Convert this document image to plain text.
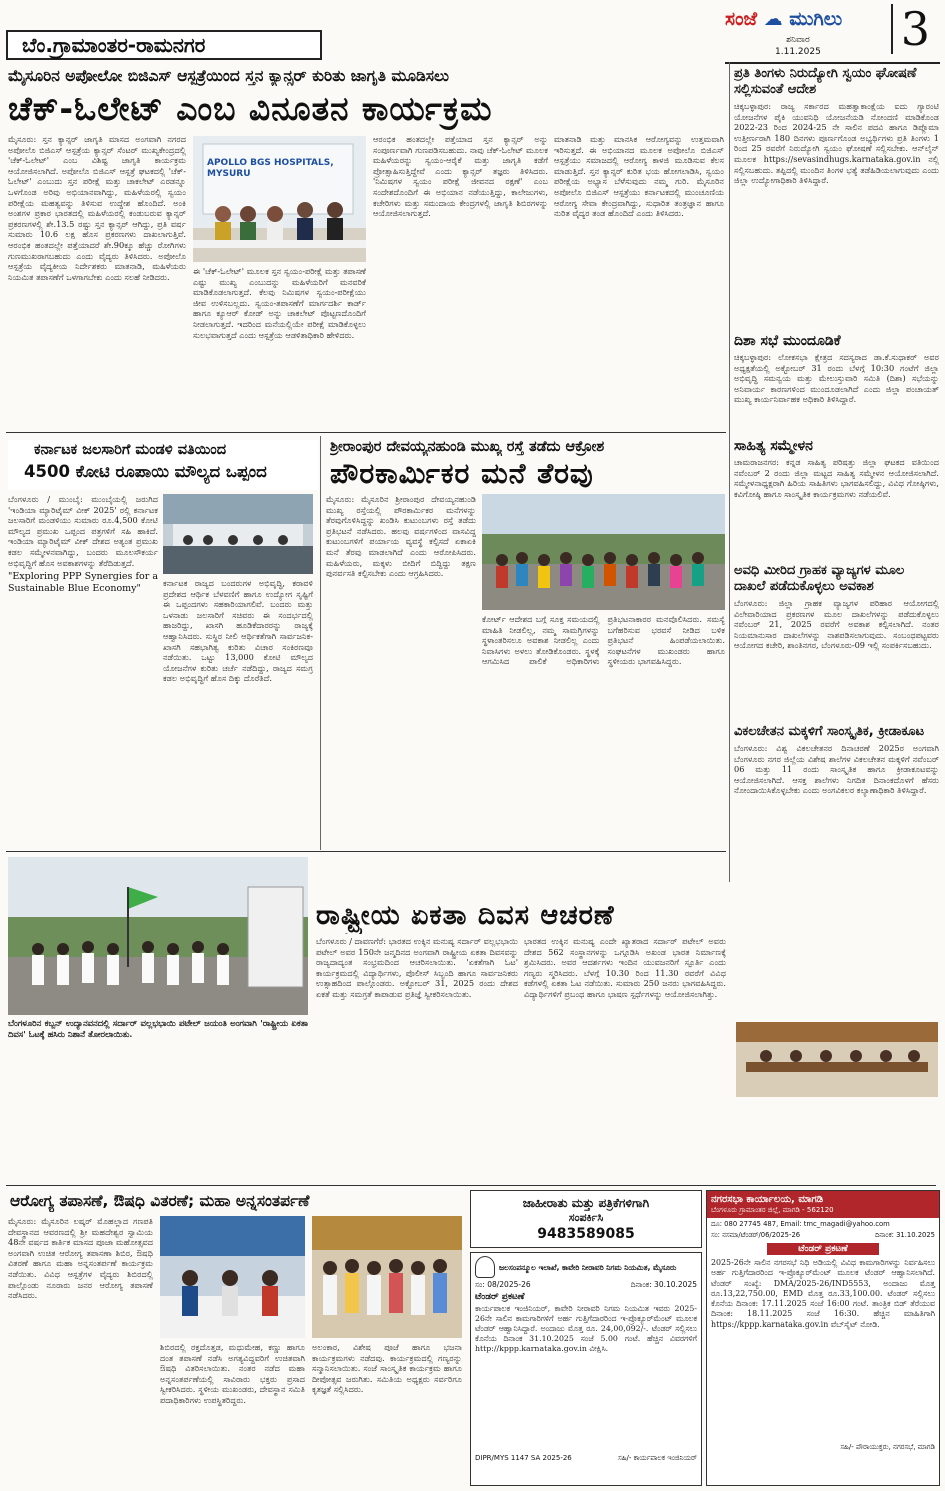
ಬೆಂ.ಗ್ರಾಮಾಂತರ-ರಾಮನಗರ
ಸಂಜೆ ☁ ಮುಗಿಲು
ಶನಿವಾರ
1.11.2025 3
ಮೈಸೂರಿನ ಅಪೋಲೋ ಬಿಜಿಎಸ್ ಆಸ್ಪತ್ರೆಯಿಂದ ಸ್ತನ ಕ್ಯಾನ್ಸರ್ ಕುರಿತು ಜಾಗೃತಿ ಮೂಡಿಸಲು
ಚೆಕ್-ಓಲೇಟ್ ಎಂಬ ವಿನೂತನ ಕಾರ್ಯಕ್ರಮ

ಮೈಸೂರು: ಸ್ತನ ಕ್ಯಾನ್ಸರ್ ಜಾಗೃತಿ ಮಾಸದ ಅಂಗವಾಗಿ ನಗರದ ಅಪೋಲೊ ಬಿಜಿಎಸ್ ಆಸ್ಪತ್ರೆಯ ಕ್ಯಾನ್ಸರ್ ಸೆಂಟರ್ ಮುಖ್ಯಕೇಂದ್ರದಲ್ಲಿ 'ಚೆಕ್-ಓಲೇಟ್' ಎಂಬ ವಿಶಿಷ್ಟ ಜಾಗೃತಿ ಕಾರ್ಯಕ್ರಮ ಆಯೋಜಿಸಲಾಗಿದೆ. ಅಪೋಲೊ ಬಿಜಿಎಸ್ ಆಸ್ಪತ್ರೆ ಘಟಕದಲ್ಲಿ 'ಚೆಕ್-ಓಲೇಟ್' ಎಂಬುದು ಸ್ತನ ಪರೀಕ್ಷೆ ಮತ್ತು ಚಾಕಲೇಟ್ ಎರಡನ್ನೂ ಒಳಗೊಂಡ ಅರಿವು ಅಭಿಯಾನವಾಗಿದ್ದು, ಮಹಿಳೆಯರಲ್ಲಿ ಸ್ವಯಂ ಪರೀಕ್ಷೆಯ ಮಹತ್ವವನ್ನು ತಿಳಿಸುವ ಉದ್ದೇಶ ಹೊಂದಿದೆ. ಅಂಕಿ ಅಂಶಗಳ ಪ್ರಕಾರ ಭಾರತದಲ್ಲಿ ಮಹಿಳೆಯರಲ್ಲಿ ಕಂಡುಬರುವ ಕ್ಯಾನ್ಸರ್ ಪ್ರಕರಣಗಳಲ್ಲಿ ಶೇ.13.5 ರಷ್ಟು ಸ್ತನ ಕ್ಯಾನ್ಸರ್ ಆಗಿದ್ದು, ಪ್ರತಿ ವರ್ಷ ಸುಮಾರು 10.6 ಲಕ್ಷ ಹೊಸ ಪ್ರಕರಣಗಳು ದಾಖಲಾಗುತ್ತಿವೆ. ಆರಂಭಿಕ ಹಂತದಲ್ಲೇ ಪತ್ತೆಯಾದರೆ ಶೇ.90ಕ್ಕೂ ಹೆಚ್ಚು ರೋಗಿಗಳು ಗುಣಮುಖರಾಗಬಹುದು ಎಂದು ವೈದ್ಯರು ತಿಳಿಸಿದರು. ಅಪೋಲೊ ಆಸ್ಪತ್ರೆಯ ವೈದ್ಯಕೀಯ ನಿರ್ದೇಶಕರು ಮಾತನಾಡಿ, ಮಹಿಳೆಯರು ನಿಯಮಿತ ತಪಾಸಣೆಗೆ ಒಳಗಾಗಬೇಕು ಎಂದು ಸಲಹೆ ನೀಡಿದರು.

APOLLO BGS HOSPITALS, MYSURU

ಈ 'ಚೆಕ್-ಓಲೇಟ್' ಮೂಲಕ ಸ್ತನ ಸ್ವಯಂ-ಪರೀಕ್ಷೆ ಮತ್ತು ತಪಾಸಣೆ ಎಷ್ಟು ಮುಖ್ಯ ಎಂಬುದನ್ನು ಮಹಿಳೆಯರಿಗೆ ಮನವರಿಕೆ ಮಾಡಿಕೊಡಲಾಗುತ್ತದೆ. ಕೆಲವು ನಿಮಿಷಗಳ ಸ್ವಯಂ-ಪರೀಕ್ಷೆಯು ಜೀವ ಉಳಿಸಬಲ್ಲದು. ಸ್ವಯಂ-ತಪಾಸಣೆಗೆ ಮಾರ್ಗದರ್ಶಿ ಕಾರ್ಡ್ ಹಾಗೂ ಕ್ಯೂಆರ್ ಕೋಡ್ ಅನ್ನು ಚಾಕಲೇಟ್ ಪೊಟ್ಟಣದೊಂದಿಗೆ ನೀಡಲಾಗುತ್ತದೆ. ಇದರಿಂದ ಮನೆಯಲ್ಲಿಯೇ ಪರೀಕ್ಷೆ ಮಾಡಿಕೊಳ್ಳಲು ಸುಲಭವಾಗುತ್ತದೆ ಎಂದು ಆಸ್ಪತ್ರೆಯ ಆಡಳಿತಾಧಿಕಾರಿ ಹೇಳಿದರು.

ಆರಂಭಿಕ ಹಂತದಲ್ಲೇ ಪತ್ತೆಯಾದ ಸ್ತನ ಕ್ಯಾನ್ಸರ್ ಅನ್ನು ಸಂಪೂರ್ಣವಾಗಿ ಗುಣಪಡಿಸಬಹುದು. ನಾವು ಚೆಕ್-ಓಲೇಟ್ ಮೂಲಕ ಮಹಿಳೆಯರನ್ನು ಸ್ವಯಂ-ಆರೈಕೆ ಮತ್ತು ಜಾಗೃತಿ ಕಡೆಗೆ ಪ್ರೋತ್ಸಾಹಿಸುತ್ತಿದ್ದೇವೆ ಎಂದು ಕ್ಯಾನ್ಸರ್ ತಜ್ಞರು ತಿಳಿಸಿದರು. 'ನಿಮಿಷಗಳ ಸ್ವಯಂ ಪರೀಕ್ಷೆ ಜೀವನದ ರಕ್ಷಣೆ' ಎಂಬ ಸಂದೇಶದೊಂದಿಗೆ ಈ ಅಭಿಯಾನ ನಡೆಯುತ್ತಿದ್ದು, ಕಾಲೇಜುಗಳು, ಕಚೇರಿಗಳು ಮತ್ತು ಸಮುದಾಯ ಕೇಂದ್ರಗಳಲ್ಲಿ ಜಾಗೃತಿ ಶಿಬಿರಗಳನ್ನು ಆಯೋಜಿಸಲಾಗುತ್ತದೆ.

ಮಾತನಾಡಿ ಮತ್ತು ಮಾನಸಿಕ ಆರೋಗ್ಯವನ್ನು ಉತ್ತಮವಾಗಿ ಇರಿಸುತ್ತದೆ. ಈ ಅಭಿಯಾನದ ಮೂಲಕ ಅಪೋಲೊ ಬಿಜಿಎಸ್ ಆಸ್ಪತ್ರೆಯು ಸಮಾಜದಲ್ಲಿ ಆರೋಗ್ಯ ಕಾಳಜಿ ಮೂಡಿಸುವ ಕೆಲಸ ಮಾಡುತ್ತಿದೆ. ಸ್ತನ ಕ್ಯಾನ್ಸರ್ ಕುರಿತ ಭಯ ಹೋಗಲಾಡಿಸಿ, ಸ್ವಯಂ ಪರೀಕ್ಷೆಯ ಅಭ್ಯಾಸ ಬೆಳೆಸುವುದು ನಮ್ಮ ಗುರಿ. ಮೈಸೂರಿನ ಅಪೋಲೊ ಬಿಜಿಎಸ್ ಆಸ್ಪತ್ರೆಯು ಕರ್ನಾಟಕದಲ್ಲಿ ಮುಂಚೂಣಿಯ ಆರೋಗ್ಯ ಸೇವಾ ಕೇಂದ್ರವಾಗಿದ್ದು, ಸುಧಾರಿತ ತಂತ್ರಜ್ಞಾನ ಹಾಗೂ ನುರಿತ ವೈದ್ಯರ ತಂಡ ಹೊಂದಿದೆ ಎಂದು ತಿಳಿಸಿದರು.

ಪ್ರತಿ ತಿಂಗಳು ನಿರುದ್ಯೋಗಿ ಸ್ವಯಂ ಘೋಷಣೆ ಸಲ್ಲಿಸುವಂತೆ ಆದೇಶ
ಚಿಕ್ಕಬಳ್ಳಾಪುರ: ರಾಜ್ಯ ಸರ್ಕಾರದ ಮಹತ್ವಾಕಾಂಕ್ಷೆಯ ಐದು ಗ್ಯಾರಂಟಿ ಯೋಜನೆಗಳ ಪೈಕಿ ಯುವನಿಧಿ ಯೋಜನೆಯಡಿ ನೋಂದಣಿ ಮಾಡಿಕೊಂಡ 2022-23 ರಿಂದ 2024-25 ನೇ ಸಾಲಿನ ಪದವಿ ಹಾಗೂ ಡಿಪ್ಲೊಮಾ ಉತ್ತೀರ್ಣರಾಗಿ 180 ದಿನಗಳು ಪೂರ್ಣಗೊಂಡ ಅಭ್ಯರ್ಥಿಗಳು ಪ್ರತಿ ತಿಂಗಳು 1 ರಿಂದ 25 ರವರೆಗೆ ನಿರುದ್ಯೋಗಿ ಸ್ವಯಂ ಘೋಷಣೆ ಸಲ್ಲಿಸಬೇಕು. ಆನ್‌ಲೈನ್ ಮೂಲಕ https://sevasindhugs.karnataka.gov.in ನಲ್ಲಿ ಸಲ್ಲಿಸಬಹುದು. ತಪ್ಪಿದಲ್ಲಿ ಮುಂದಿನ ತಿಂಗಳ ಭತ್ಯೆ ತಡೆಹಿಡಿಯಲಾಗುವುದು ಎಂದು ಜಿಲ್ಲಾ ಉದ್ಯೋಗಾಧಿಕಾರಿ ತಿಳಿಸಿದ್ದಾರೆ.
ದಿಶಾ ಸಭೆ ಮುಂದೂಡಿಕೆ
ಚಿಕ್ಕಬಳ್ಳಾಪುರ: ಲೋಕಸಭಾ ಕ್ಷೇತ್ರದ ಸದಸ್ಯರಾದ ಡಾ.ಕೆ.ಸುಧಾಕರ್ ಅವರ ಅಧ್ಯಕ್ಷತೆಯಲ್ಲಿ ಅಕ್ಟೋಬರ್ 31 ರಂದು ಬೆಳಗ್ಗೆ 10:30 ಗಂಟೆಗೆ ಜಿಲ್ಲಾ ಅಭಿವೃದ್ಧಿ ಸಮನ್ವಯ ಮತ್ತು ಮೇಲುಸ್ತುವಾರಿ ಸಮಿತಿ (ದಿಶಾ) ಸಭೆಯನ್ನು ಅನಿವಾರ್ಯ ಕಾರಣಗಳಿಂದ ಮುಂದೂಡಲಾಗಿದೆ ಎಂದು ಜಿಲ್ಲಾ ಪಂಚಾಯತ್ ಮುಖ್ಯ ಕಾರ್ಯನಿರ್ವಾಹಕ ಅಧಿಕಾರಿ ತಿಳಿಸಿದ್ದಾರೆ.
ಸಾಹಿತ್ಯ ಸಮ್ಮೇಳನ
ಚಾಮರಾಜನಗರ: ಕನ್ನಡ ಸಾಹಿತ್ಯ ಪರಿಷತ್ತು ಜಿಲ್ಲಾ ಘಟಕದ ವತಿಯಿಂದ ನವೆಂಬರ್ 2 ರಂದು ಜಿಲ್ಲಾ ಮಟ್ಟದ ಸಾಹಿತ್ಯ ಸಮ್ಮೇಳನ ಆಯೋಜಿಸಲಾಗಿದೆ. ಸಮ್ಮೇಳನಾಧ್ಯಕ್ಷರಾಗಿ ಹಿರಿಯ ಸಾಹಿತಿಗಳು ಭಾಗವಹಿಸಲಿದ್ದು, ವಿವಿಧ ಗೋಷ್ಠಿಗಳು, ಕವಿಗೋಷ್ಠಿ ಹಾಗೂ ಸಾಂಸ್ಕೃತಿಕ ಕಾರ್ಯಕ್ರಮಗಳು ನಡೆಯಲಿವೆ.
ಅವಧಿ ಮೀರಿದ ಗ್ರಾಹಕ ವ್ಯಾಜ್ಯಗಳ ಮೂಲ ದಾಖಲೆ ಪಡೆದುಕೊಳ್ಳಲು ಅವಕಾಶ
ಬೆಂಗಳೂರು: ಜಿಲ್ಲಾ ಗ್ರಾಹಕ ವ್ಯಾಜ್ಯಗಳ ಪರಿಹಾರ ಆಯೋಗದಲ್ಲಿ ವಿಲೇವಾರಿಯಾದ ಪ್ರಕರಣಗಳ ಮೂಲ ದಾಖಲೆಗಳನ್ನು ಪಡೆದುಕೊಳ್ಳಲು ನವೆಂಬರ್ 21, 2025 ರವರೆಗೆ ಅವಕಾಶ ಕಲ್ಪಿಸಲಾಗಿದೆ. ನಂತರ ನಿಯಮಾನುಸಾರ ದಾಖಲೆಗಳನ್ನು ನಾಶಪಡಿಸಲಾಗುವುದು. ಸಂಬಂಧಪಟ್ಟವರು ಆಯೋಗದ ಕಚೇರಿ, ಶಾಂತಿನಗರ, ಬೆಂಗಳೂರು-09 ಇಲ್ಲಿ ಸಂಪರ್ಕಿಸಬಹುದು.
ವಿಕಲಚೇತನ ಮಕ್ಕಳಿಗೆ ಸಾಂಸ್ಕೃತಿಕ, ಕ್ರೀಡಾಕೂಟ
ಬೆಂಗಳೂರು: ವಿಶ್ವ ವಿಕಲಚೇತನರ ದಿನಾಚರಣೆ 2025ರ ಅಂಗವಾಗಿ ಬೆಂಗಳೂರು ನಗರ ಜಿಲ್ಲೆಯ ವಿಶೇಷ ಶಾಲೆಗಳ ವಿಕಲಚೇತನ ಮಕ್ಕಳಿಗೆ ನವೆಂಬರ್ 06 ಮತ್ತು 11 ರಂದು ಸಾಂಸ್ಕೃತಿಕ ಹಾಗೂ ಕ್ರೀಡಾಕೂಟವನ್ನು ಆಯೋಜಿಸಲಾಗಿದೆ. ಆಸಕ್ತ ಶಾಲೆಗಳು ನಿಗದಿತ ದಿನಾಂಕದೊಳಗೆ ಹೆಸರು ನೋಂದಾಯಿಸಿಕೊಳ್ಳಬೇಕು ಎಂದು ಅಂಗವಿಕಲರ ಕಲ್ಯಾಣಾಧಿಕಾರಿ ತಿಳಿಸಿದ್ದಾರೆ.
ಕರ್ನಾಟಕ ಜಲಸಾರಿಗೆ ಮಂಡಳಿ ವತಿಯಿಂದ
4500 ಕೋಟಿ ರೂಪಾಯಿ ಮೌಲ್ಯದ ಒಪ್ಪಂದ

ಬೆಂಗಳೂರು / ಮುಂಬೈ: ಮುಂಬೈಯಲ್ಲಿ ಜರುಗಿದ 'ಇಂಡಿಯಾ ಮ್ಯಾರಿಟೈಮ್ ವೀಕ್ 2025' ರಲ್ಲಿ ಕರ್ನಾಟಕ ಜಲಸಾರಿಗೆ ಮಂಡಳಿಯು ಸುಮಾರು ರೂ.4,500 ಕೋಟಿ ಮೌಲ್ಯದ ಪ್ರಮುಖ ಒಪ್ಪಂದ ಪತ್ರಗಳಿಗೆ ಸಹಿ ಹಾಕಿದೆ. ಇಂಡಿಯಾ ಮ್ಯಾರಿಟೈಮ್ ವೀಕ್ ದೇಶದ ಅತ್ಯಂತ ಪ್ರಮುಖ ಕಡಲ ಸಮ್ಮೇಳನವಾಗಿದ್ದು, ಬಂದರು ಮೂಲಸೌಕರ್ಯ ಅಭಿವೃದ್ಧಿಗೆ ಹೊಸ ಅವಕಾಶಗಳನ್ನು ತೆರೆದಿಡುತ್ತದೆ.

"Exploring PPP Synergies for a Sustainable Blue Economy"

ಕರ್ನಾಟಕ ರಾಜ್ಯದ ಬಂದರುಗಳ ಅಭಿವೃದ್ಧಿ, ಕರಾವಳಿ ಪ್ರದೇಶದ ಆರ್ಥಿಕ ಬೆಳವಣಿಗೆ ಹಾಗೂ ಉದ್ಯೋಗ ಸೃಷ್ಟಿಗೆ ಈ ಒಪ್ಪಂದಗಳು ಸಹಕಾರಿಯಾಗಲಿವೆ. ಬಂದರು ಮತ್ತು ಒಳನಾಡು ಜಲಸಾರಿಗೆ ಸಚಿವರು ಈ ಸಂದರ್ಭದಲ್ಲಿ ಹಾಜರಿದ್ದು, ಖಾಸಗಿ ಹೂಡಿಕೆದಾರರನ್ನು ರಾಜ್ಯಕ್ಕೆ ಆಹ್ವಾನಿಸಿದರು. ಸುಸ್ಥಿರ ನೀಲಿ ಆರ್ಥಿಕತೆಗಾಗಿ ಸಾರ್ವಜನಿಕ-ಖಾಸಗಿ ಸಹಭಾಗಿತ್ವ ಕುರಿತು ವಿಚಾರ ಸಂಕಿರಣವೂ ನಡೆಯಿತು. ಒಟ್ಟು 13,000 ಕೋಟಿ ಮೌಲ್ಯದ ಯೋಜನೆಗಳ ಕುರಿತು ಚರ್ಚೆ ನಡೆದಿದ್ದು, ರಾಜ್ಯದ ಸಮಗ್ರ ಕಡಲ ಅಭಿವೃದ್ಧಿಗೆ ಹೊಸ ದಿಕ್ಕು ದೊರೆತಿದೆ.

ಶ್ರೀರಾಂಪುರ ದೇವಯ್ಯನಹುಂಡಿ ಮುಖ್ಯ ರಸ್ತೆ ತಡೆದು ಆಕ್ರೋಶ
ಪೌರಕಾರ್ಮಿಕರ ಮನೆ ತೆರವು

ಮೈಸೂರು: ಮೈಸೂರಿನ ಶ್ರೀರಾಂಪುರ ದೇವಯ್ಯನಹುಂಡಿ ಮುಖ್ಯ ರಸ್ತೆಯಲ್ಲಿ ಪೌರಕಾರ್ಮಿಕರ ಮನೆಗಳನ್ನು ತೆರವುಗೊಳಿಸಿದ್ದನ್ನು ಖಂಡಿಸಿ ಕುಟುಂಬಗಳು ರಸ್ತೆ ತಡೆದು ಪ್ರತಿಭಟನೆ ನಡೆಸಿದರು. ಹಲವು ವರ್ಷಗಳಿಂದ ವಾಸವಿದ್ದ ಕುಟುಂಬಗಳಿಗೆ ಪರ್ಯಾಯ ವ್ಯವಸ್ಥೆ ಕಲ್ಪಿಸದೆ ಏಕಾಏಕಿ ಮನೆ ತೆರವು ಮಾಡಲಾಗಿದೆ ಎಂದು ಆರೋಪಿಸಿದರು. ಮಹಿಳೆಯರು, ಮಕ್ಕಳು ಬೀದಿಗೆ ಬಿದ್ದಿದ್ದು ತಕ್ಷಣ ಪುನರ್ವಸತಿ ಕಲ್ಪಿಸಬೇಕು ಎಂದು ಆಗ್ರಹಿಸಿದರು.

ಕೋರ್ಟ್ ಆದೇಶದ ಬಗ್ಗೆ ಸೂಕ್ತ ಸಮಯದಲ್ಲಿ ಮಾಹಿತಿ ನೀಡಲಿಲ್ಲ, ನಮ್ಮ ಸಾಮಗ್ರಿಗಳನ್ನು ಸ್ಥಳಾಂತರಿಸಲೂ ಅವಕಾಶ ನೀಡಲಿಲ್ಲ ಎಂದು ನಿವಾಸಿಗಳು ಅಳಲು ತೋಡಿಕೊಂಡರು. ಸ್ಥಳಕ್ಕೆ ಆಗಮಿಸಿದ ಪಾಲಿಕೆ ಅಧಿಕಾರಿಗಳು ಪ್ರತಿಭಟನಾಕಾರರ ಮನವೊಲಿಸಿದರು. ಸಮಸ್ಯೆ ಬಗೆಹರಿಸುವ ಭರವಸೆ ನೀಡಿದ ಬಳಿಕ ಪ್ರತಿಭಟನೆ ಹಿಂಪಡೆಯಲಾಯಿತು. ಸಂಘಟನೆಗಳ ಮುಖಂಡರು ಹಾಗೂ ಸ್ಥಳೀಯರು ಭಾಗವಹಿಸಿದ್ದರು.

ರಾಷ್ಟ್ರೀಯ ಏಕತಾ ದಿವಸ ಆಚರಣೆ

ಬೆಂಗಳೂರು / ದಾವಣಗೆರೆ: ಭಾರತದ ಉಕ್ಕಿನ ಮನುಷ್ಯ ಸರ್ದಾರ್ ವಲ್ಲಭಭಾಯಿ ಪಟೇಲ್ ಅವರ 150ನೇ ಜನ್ಮದಿನದ ಅಂಗವಾಗಿ ರಾಷ್ಟ್ರೀಯ ಏಕತಾ ದಿವಸವನ್ನು ರಾಜ್ಯದಾದ್ಯಂತ ಸಂಭ್ರಮದಿಂದ ಆಚರಿಸಲಾಯಿತು. 'ಏಕತೆಗಾಗಿ ಓಟ' ಕಾರ್ಯಕ್ರಮದಲ್ಲಿ ವಿದ್ಯಾರ್ಥಿಗಳು, ಪೊಲೀಸ್ ಸಿಬ್ಬಂದಿ ಹಾಗೂ ಸಾರ್ವಜನಿಕರು ಉತ್ಸಾಹದಿಂದ ಪಾಲ್ಗೊಂಡರು. ಅಕ್ಟೋಬರ್ 31, 2025 ರಂದು ದೇಶದ ಏಕತೆ ಮತ್ತು ಸಮಗ್ರತೆ ಕಾಪಾಡುವ ಪ್ರತಿಜ್ಞೆ ಸ್ವೀಕರಿಸಲಾಯಿತು.

ಭಾರತದ ಉಕ್ಕಿನ ಮನುಷ್ಯ ಎಂದೇ ಖ್ಯಾತರಾದ ಸರ್ದಾರ್ ಪಟೇಲ್ ಅವರು ದೇಶದ 562 ಸಂಸ್ಥಾನಗಳನ್ನು ಒಗ್ಗೂಡಿಸಿ ಅಖಂಡ ಭಾರತ ನಿರ್ಮಾಣಕ್ಕೆ ಶ್ರಮಿಸಿದರು. ಅವರ ಆದರ್ಶಗಳು ಇಂದಿನ ಯುವಜನರಿಗೆ ಸ್ಫೂರ್ತಿ ಎಂದು ಗಣ್ಯರು ಸ್ಮರಿಸಿದರು. ಬೆಳಗ್ಗೆ 10.30 ರಿಂದ 11.30 ರವರೆಗೆ ವಿವಿಧ ಕಡೆಗಳಲ್ಲಿ ಏಕತಾ ಓಟ ನಡೆಯಿತು. ಸುಮಾರು 250 ಜನರು ಭಾಗವಹಿಸಿದ್ದರು. ವಿದ್ಯಾರ್ಥಿಗಳಿಗೆ ಪ್ರಬಂಧ ಹಾಗೂ ಭಾಷಣ ಸ್ಪರ್ಧೆಗಳನ್ನು ಆಯೋಜಿಸಲಾಗಿತ್ತು.

ಬೆಂಗಳೂರಿನ ಕಬ್ಬನ್ ಉದ್ಯಾನವನದಲ್ಲಿ ಸರ್ದಾರ್ ವಲ್ಲಭಭಾಯಿ ಪಟೇಲ್ ಜಯಂತಿ ಅಂಗವಾಗಿ 'ರಾಷ್ಟ್ರೀಯ ಏಕತಾ ದಿವಸ' ಓಟಕ್ಕೆ ಹಸಿರು ನಿಶಾನೆ ತೋರಲಾಯಿತು.

ಆರೋಗ್ಯ ತಪಾಸಣೆ, ಔಷಧಿ ವಿತರಣೆ; ಮಹಾ ಅನ್ನಸಂತರ್ಪಣೆ

ಮೈಸೂರು: ಮೈಸೂರಿನ ಲಷ್ಕರ್ ಮೊಹಲ್ಲಾದ ಗಣಪತಿ ದೇವಸ್ಥಾನದ ಆವರಣದಲ್ಲಿ ಶ್ರೀ ಮಹದೇಶ್ವರ ಸ್ವಾಮಿಯ 48ನೇ ವರ್ಷದ ಕಾರ್ತಿಕ ಮಾಸದ ಪೂಜಾ ಮಹೋತ್ಸವದ ಅಂಗವಾಗಿ ಉಚಿತ ಆರೋಗ್ಯ ತಪಾಸಣಾ ಶಿಬಿರ, ಔಷಧಿ ವಿತರಣೆ ಹಾಗೂ ಮಹಾ ಅನ್ನಸಂತರ್ಪಣೆ ಕಾರ್ಯಕ್ರಮ ನಡೆಯಿತು. ವಿವಿಧ ಆಸ್ಪತ್ರೆಗಳ ವೈದ್ಯರು ಶಿಬಿರದಲ್ಲಿ ಪಾಲ್ಗೊಂಡು ನೂರಾರು ಜನರ ಆರೋಗ್ಯ ತಪಾಸಣೆ ನಡೆಸಿದರು.

ಶಿಬಿರದಲ್ಲಿ ರಕ್ತದೊತ್ತಡ, ಮಧುಮೇಹ, ಕಣ್ಣು ಹಾಗೂ ದಂತ ತಪಾಸಣೆ ನಡೆಸಿ ಅಗತ್ಯವಿದ್ದವರಿಗೆ ಉಚಿತವಾಗಿ ಔಷಧಿ ವಿತರಿಸಲಾಯಿತು. ನಂತರ ನಡೆದ ಮಹಾ ಅನ್ನಸಂತರ್ಪಣೆಯಲ್ಲಿ ಸಾವಿರಾರು ಭಕ್ತರು ಪ್ರಸಾದ ಸ್ವೀಕರಿಸಿದರು. ಸ್ಥಳೀಯ ಮುಖಂಡರು, ದೇವಸ್ಥಾನ ಸಮಿತಿ ಪದಾಧಿಕಾರಿಗಳು ಉಪಸ್ಥಿತರಿದ್ದರು.

ಅಲಂಕಾರ, ವಿಶೇಷ ಪೂಜೆ ಹಾಗೂ ಭಜನಾ ಕಾರ್ಯಕ್ರಮಗಳು ನಡೆದವು. ಕಾರ್ಯಕ್ರಮದಲ್ಲಿ ಗಣ್ಯರನ್ನು ಸನ್ಮಾನಿಸಲಾಯಿತು. ಸಂಜೆ ಸಾಂಸ್ಕೃತಿಕ ಕಾರ್ಯಕ್ರಮ ಹಾಗೂ ದೀಪೋತ್ಸವ ಜರುಗಿತು. ಸಮಿತಿಯ ಅಧ್ಯಕ್ಷರು ಸರ್ವರಿಗೂ ಕೃತಜ್ಞತೆ ಸಲ್ಲಿಸಿದರು.

ಜಾಹೀರಾತು ಮತ್ತು ಪತ್ರಿಕೆಗಳಿಗಾಗಿ
ಸಂಪರ್ಕಿಸಿ
9483589085
ಜಲಸಂಪನ್ಮೂಲ ಇಲಾಖೆ, ಕಾವೇರಿ ನೀರಾವರಿ ನಿಗಮ ನಿಯಮಿತ, ಮೈಸೂರು
ಸಂ: 08/2025-26	ದಿನಾಂಕ: 30.10.2025
ಟೆಂಡರ್ ಪ್ರಕಟಣೆ
ಕಾರ್ಯಪಾಲಕ ಇಂಜಿನಿಯರ್, ಕಾವೇರಿ ನೀರಾವರಿ ನಿಗಮ ನಿಯಮಿತ ಇವರು 2025-26ನೇ ಸಾಲಿನ ಕಾಮಗಾರಿಗಳಿಗೆ ಅರ್ಹ ಗುತ್ತಿಗೆದಾರರಿಂದ ಇ-ಪ್ರೊಕ್ಯೂರ್‌ಮೆಂಟ್ ಮೂಲಕ ಟೆಂಡರ್ ಆಹ್ವಾನಿಸಿದ್ದಾರೆ. ಅಂದಾಜು ಮೊತ್ತ ರೂ. 24,00,092/-. ಟೆಂಡರ್ ಸಲ್ಲಿಸಲು ಕೊನೆಯ ದಿನಾಂಕ 31.10.2025 ಸಂಜೆ 5.00 ಗಂಟೆ. ಹೆಚ್ಚಿನ ವಿವರಗಳಿಗೆ http://kppp.karnataka.gov.in ವೀಕ್ಷಿಸಿ.
DIPR/MYS 1147 SA 2025-26	ಸಹಿ/- ಕಾರ್ಯಪಾಲಕ ಇಂಜಿನಿಯರ್
ನಗರಸಭಾ ಕಾರ್ಯಾಲಯ, ಮಾಗಡಿ
ಬೆಂಗಳೂರು ಗ್ರಾಮಾಂತರ ಜಿಲ್ಲೆ, ಮಾಗಡಿ - 562120
ದೂ: 080 27745 487, Email: tmc_magadi@yahoo.com
ಸಂ: ನಸಮಾ/ಟೆಂಡರ್/06/2025-26	ದಿನಾಂಕ: 31.10.2025
ಟೆಂಡರ್ ಪ್ರಕಟಣೆ
2025-26ನೇ ಸಾಲಿನ ನಗರಸಭೆ ನಿಧಿ ಅಡಿಯಲ್ಲಿ ವಿವಿಧ ಕಾಮಗಾರಿಗಳನ್ನು ನಿರ್ವಹಿಸಲು ಅರ್ಹ ಗುತ್ತಿಗೆದಾರರಿಂದ ಇ-ಪ್ರೊಕ್ಯೂರ್‌ಮೆಂಟ್ ಮೂಲಕ ಟೆಂಡರ್ ಆಹ್ವಾನಿಸಲಾಗಿದೆ. ಟೆಂಡರ್ ಸಂಖ್ಯೆ: DMA/2025-26/IND5553, ಅಂದಾಜು ಮೊತ್ತ ರೂ.13,22,750.00, EMD ಮೊತ್ತ ರೂ.33,100.00. ಟೆಂಡರ್ ಸಲ್ಲಿಸಲು ಕೊನೆಯ ದಿನಾಂಕ: 17.11.2025 ಸಂಜೆ 16:00 ಗಂಟೆ. ತಾಂತ್ರಿಕ ಬಿಡ್ ತೆರೆಯುವ ದಿನಾಂಕ: 18.11.2025 ಸಂಜೆ 16:30. ಹೆಚ್ಚಿನ ಮಾಹಿತಿಗಾಗಿ https://kppp.karnataka.gov.in ವೆಬ್‌ಸೈಟ್ ನೋಡಿ.
ಸಹಿ/- ಪೌರಾಯುಕ್ತರು, ನಗರಸಭೆ, ಮಾಗಡಿ
